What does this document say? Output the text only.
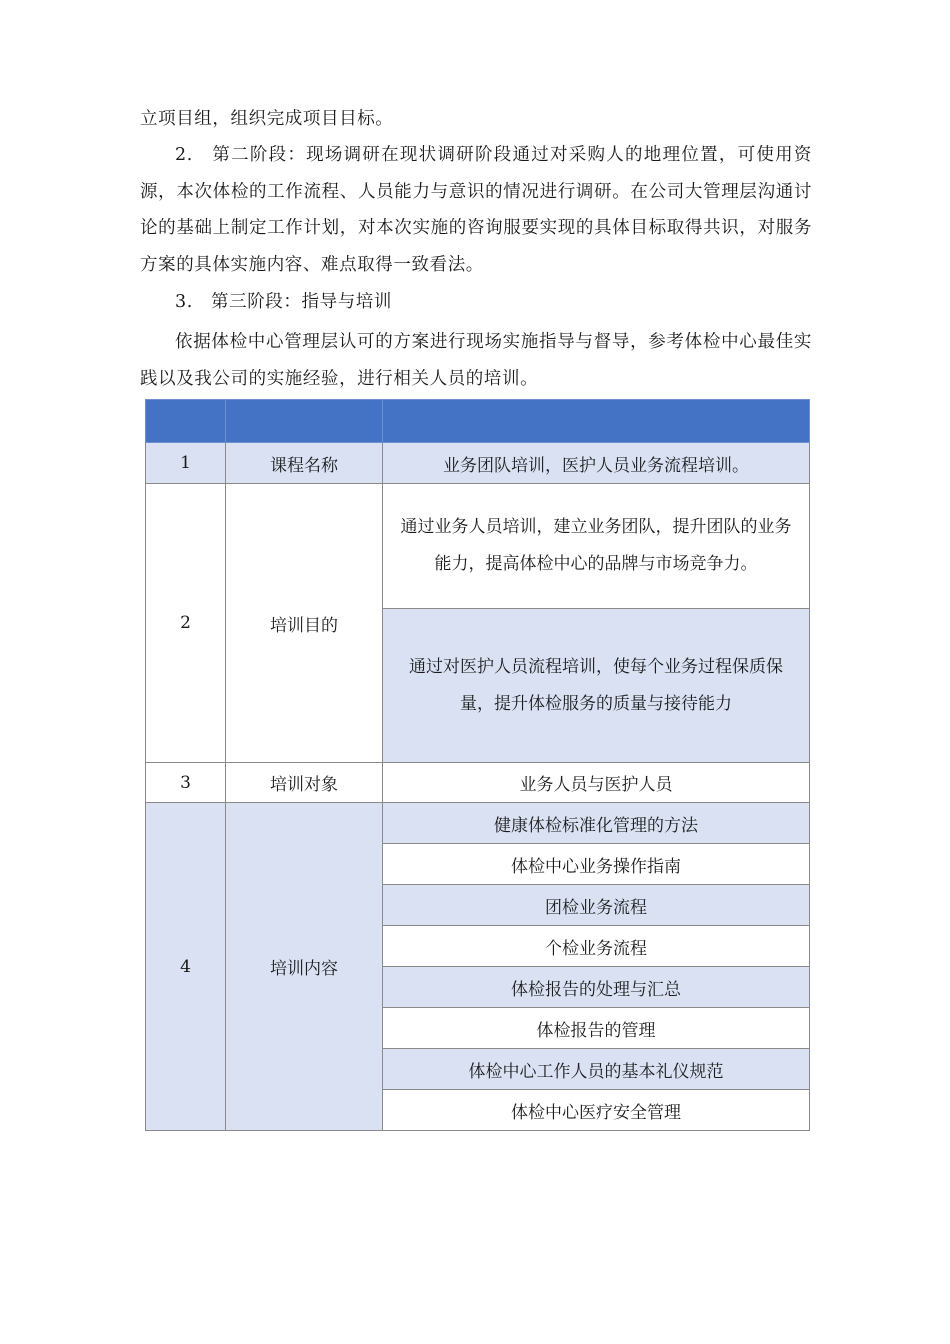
立项目组，组织完成项目目标。

2.　第二阶段：现场调研在现状调研阶段通过对采购人的地理位置，可使用资源，本次体检的工作流程、人员能力与意识的情况进行调研。在公司大管理层沟通讨论的基础上制定工作计划，对本次实施的咨询服要实现的具体目标取得共识，对服务方案的具体实施内容、难点取得一致看法。

3.　第三阶段：指导与培训

依据体检中心管理层认可的方案进行现场实施指导与督导，参考体检中心最佳实践以及我公司的实施经验，进行相关人员的培训。

1	课程名称	业务团队培训，医护人员业务流程培训。
2	培训目的	通过业务人员培训，建立业务团队，提升团队的业务能力，提高体检中心的品牌与市场竞争力。

		通过对医护人员流程培训，使每个业务过程保质保量，提升体检服务的质量与接待能力

3	培训对象	业务人员与医护人员
4	培训内容	健康体检标准化管理的方法
		体检中心业务操作指南
		团检业务流程
		个检业务流程
		体检报告的处理与汇总
		体检报告的管理
		体检中心工作人员的基本礼仪规范
		体检中心医疗安全管理
